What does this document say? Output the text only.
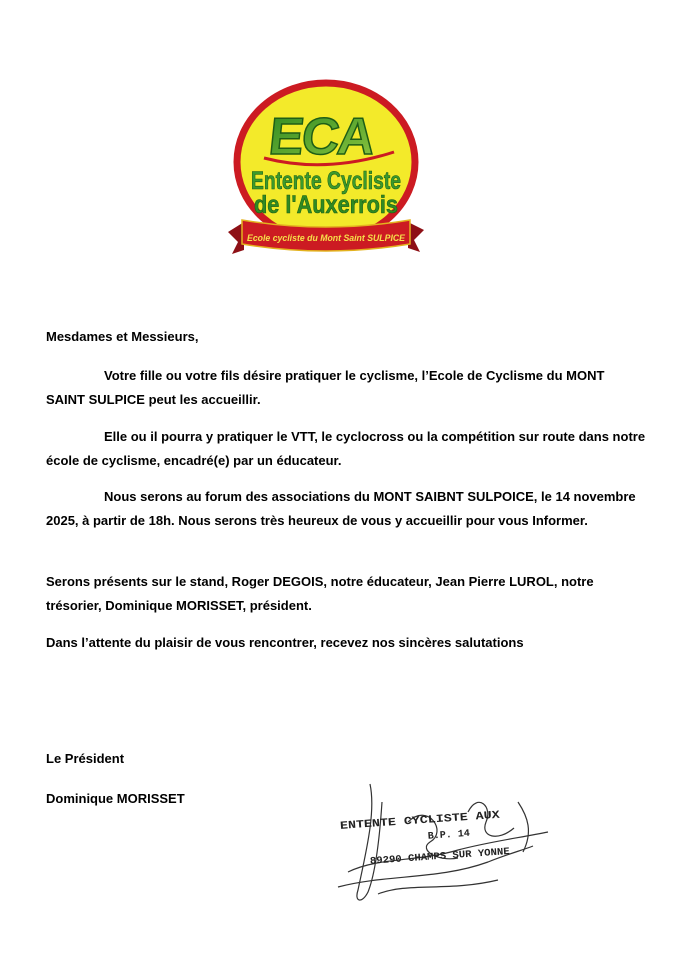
ECA
Entente Cycliste
de l'Auxerrois
Ecole cycliste du Mont Saint SULPICE

Mesdames et Messieurs,

Votre fille ou votre fils désire pratiquer le cyclisme, l’Ecole de Cyclisme du MONT SAINT SULPICE peut les accueillir.

Elle ou il pourra y pratiquer le VTT, le cyclocross ou la compétition sur route dans notre école de cyclisme, encadré(e) par un éducateur.

Nous serons au forum des associations du MONT SAIBNT SULPOICE, le 14 novembre 2025, à partir de 18h. Nous serons très heureux de vous y accueillir pour vous Informer.

Serons présents sur le stand, Roger DEGOIS, notre éducateur, Jean Pierre LUROL, notre trésorier, Dominique MORISSET, président.

Dans l’attente du plaisir de vous rencontrer, recevez nos sincères salutations

Le Président

Dominique MORISSET

ENTENTE CYCLISTE AUX
B.P. 14
89290 CHAMPS SUR YONNE
